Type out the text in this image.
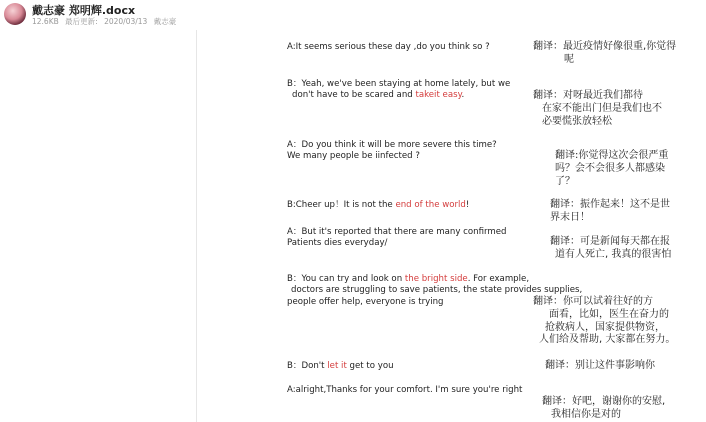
戴志豪 郑明辉.docx
12.6KB 最后更新: 2020/03/13 戴志豪
A:It seems serious these day ,do you think so ?	翻译：最近疫情好像很重,你觉得
呢
B：Yeah, we've been staying at home lately, but we
don't have to be scared and takeit easy.	翻译：对呀最近我们都待
在家不能出门但是我们也不
必要慌张放轻松
A：Do you think it will be more severe this time?
We many people be iinfected ?	翻译:你觉得这次会很严重
吗？会不会很多人都感染
了？
B:Cheer up！It is not the end of the world!	翻译：振作起来！这不是世
界末日！
A：But it's reported that there are many confirmed
Patients dies everyday/	翻译：可是新闻每天都在报
道有人死亡, 我真的很害怕
B：You can try and look on the bright side. For example,
doctors are struggling to save patients, the state provides supplies,
people offer help, everyone is trying	翻译：你可以试着往好的方
面看，比如，医生在奋力的
抢救病人，国家提供物资，
人们给及帮助, 大家都在努力。
B：Don't let it get to you	翻译：别让这件事影响你
A:alright,Thanks for your comfort. I'm sure you're right
翻译：好吧，谢谢你的安慰,
我相信你是对的
